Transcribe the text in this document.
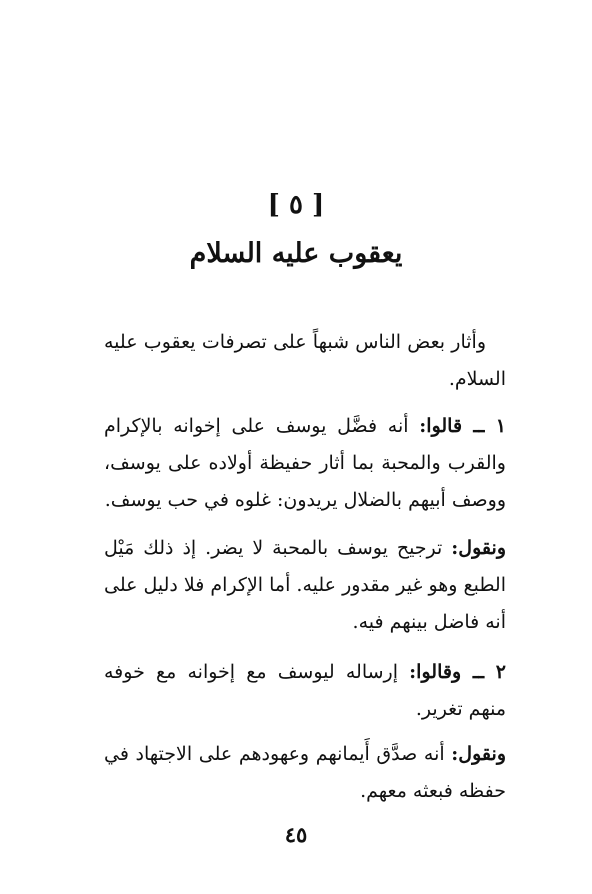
[ ٥ ]
يعقوب عليه السلام
وأثار بعض الناس شبهاً على تصرفات يعقوب عليه السلام.
١ ــ قالوا: أنه فضَّل يوسف على إخوانه بالإكرام والقرب والمحبة بما أثار حفيظة أولاده على يوسف، ووصف أبيهم بالضلال يريدون: غلوه في حب يوسف.
ونقول: ترجيح يوسف بالمحبة لا يضر. إذ ذلك مَيْل الطبع وهو غير مقدور عليه. أما الإكرام فلا دليل على أنه فاضل بينهم فيه.
٢ ــ وقالوا: إرساله ليوسف مع إخوانه مع خوفه منهم تغرير.
ونقول: أنه صدَّق أَيمانهم وعهودهم على الاجتهاد في حفظه فبعثه معهم.
٤٥
